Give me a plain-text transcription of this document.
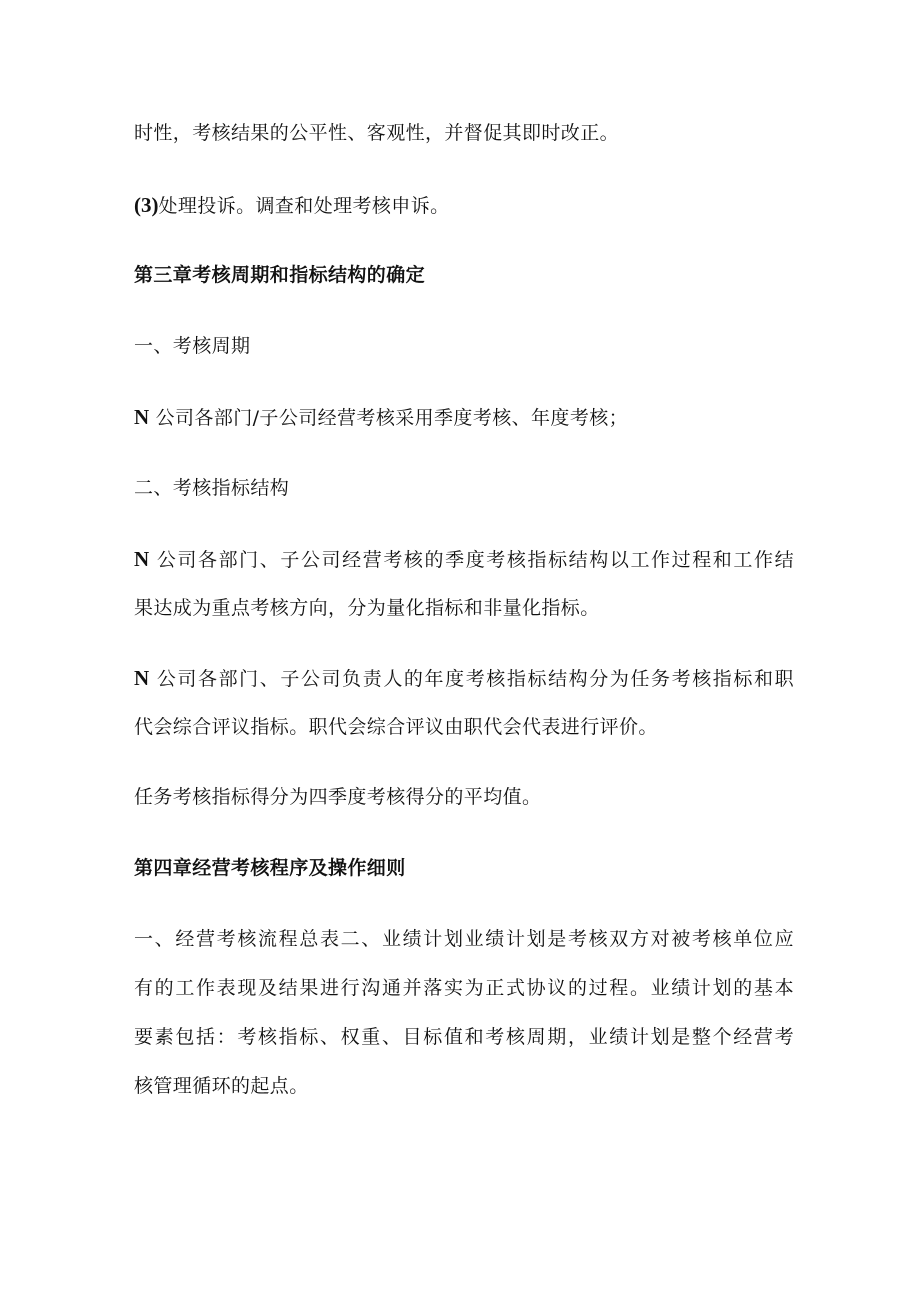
时性，考核结果的公平性、客观性，并督促其即时改正。
(3)处理投诉。调查和处理考核申诉。
第三章考核周期和指标结构的确定
一、考核周期
N 公司各部门/子公司经营考核采用季度考核、年度考核；
二、考核指标结构
N 公司各部门、子公司经营考核的季度考核指标结构以工作过程和工作结
果达成为重点考核方向，分为量化指标和非量化指标。
N 公司各部门、子公司负责人的年度考核指标结构分为任务考核指标和职
代会综合评议指标。职代会综合评议由职代会代表进行评价。
任务考核指标得分为四季度考核得分的平均值。
第四章经营考核程序及操作细则
一、经营考核流程总表二、业绩计划业绩计划是考核双方对被考核单位应
有的工作表现及结果进行沟通并落实为正式协议的过程。业绩计划的基本
要素包括：考核指标、权重、目标值和考核周期，业绩计划是整个经营考
核管理循环的起点。
